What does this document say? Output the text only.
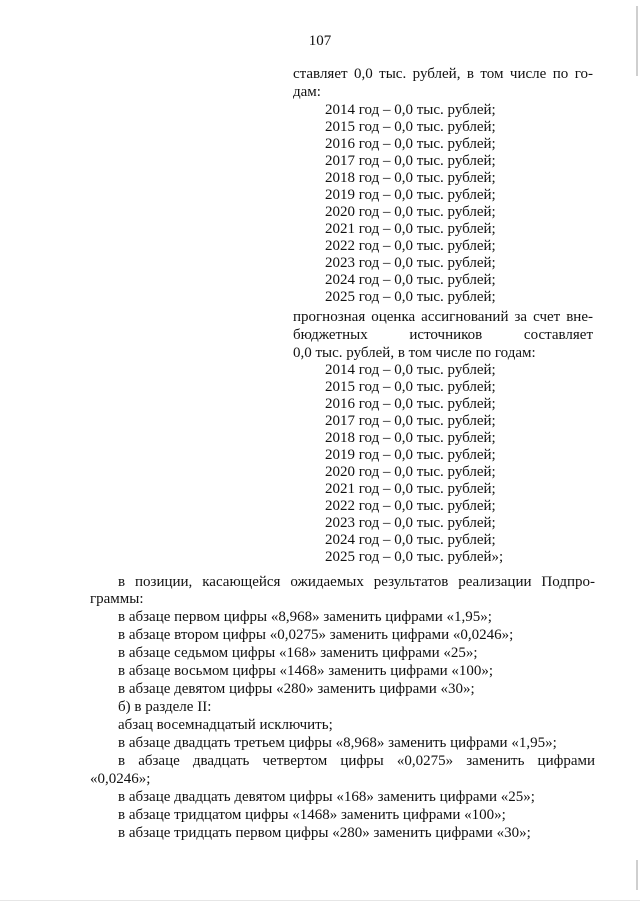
107
ставляет 0,0 тыс. рублей, в том числе по го-
дам:
2014 год – 0,0 тыс. рублей;
2015 год – 0,0 тыс. рублей;
2016 год – 0,0 тыс. рублей;
2017 год – 0,0 тыс. рублей;
2018 год – 0,0 тыс. рублей;
2019 год – 0,0 тыс. рублей;
2020 год – 0,0 тыс. рублей;
2021 год – 0,0 тыс. рублей;
2022 год – 0,0 тыс. рублей;
2023 год – 0,0 тыс. рублей;
2024 год – 0,0 тыс. рублей;
2025 год – 0,0 тыс. рублей;
прогнозная оценка ассигнований за счет вне-
бюджетных источников составляет
0,0 тыс. рублей, в том числе по годам:
2014 год – 0,0 тыс. рублей;
2015 год – 0,0 тыс. рублей;
2016 год – 0,0 тыс. рублей;
2017 год – 0,0 тыс. рублей;
2018 год – 0,0 тыс. рублей;
2019 год – 0,0 тыс. рублей;
2020 год – 0,0 тыс. рублей;
2021 год – 0,0 тыс. рублей;
2022 год – 0,0 тыс. рублей;
2023 год – 0,0 тыс. рублей;
2024 год – 0,0 тыс. рублей;
2025 год – 0,0 тыс. рублей»;
в позиции, касающейся ожидаемых результатов реализации Подпро-
граммы:
в абзаце первом цифры «8,968» заменить цифрами «1,95»;
в абзаце втором цифры «0,0275» заменить цифрами «0,0246»;
в абзаце седьмом цифры «168» заменить цифрами «25»;
в абзаце восьмом цифры «1468» заменить цифрами «100»;
в абзаце девятом цифры «280» заменить цифрами «30»;
б) в разделе II:
абзац восемнадцатый исключить;
в абзаце двадцать третьем цифры «8,968» заменить цифрами «1,95»;
в абзаце двадцать четвертом цифры «0,0275» заменить цифрами
«0,0246»;
в абзаце двадцать девятом цифры «168» заменить цифрами «25»;
в абзаце тридцатом цифры «1468» заменить цифрами «100»;
в абзаце тридцать первом цифры «280» заменить цифрами «30»;
